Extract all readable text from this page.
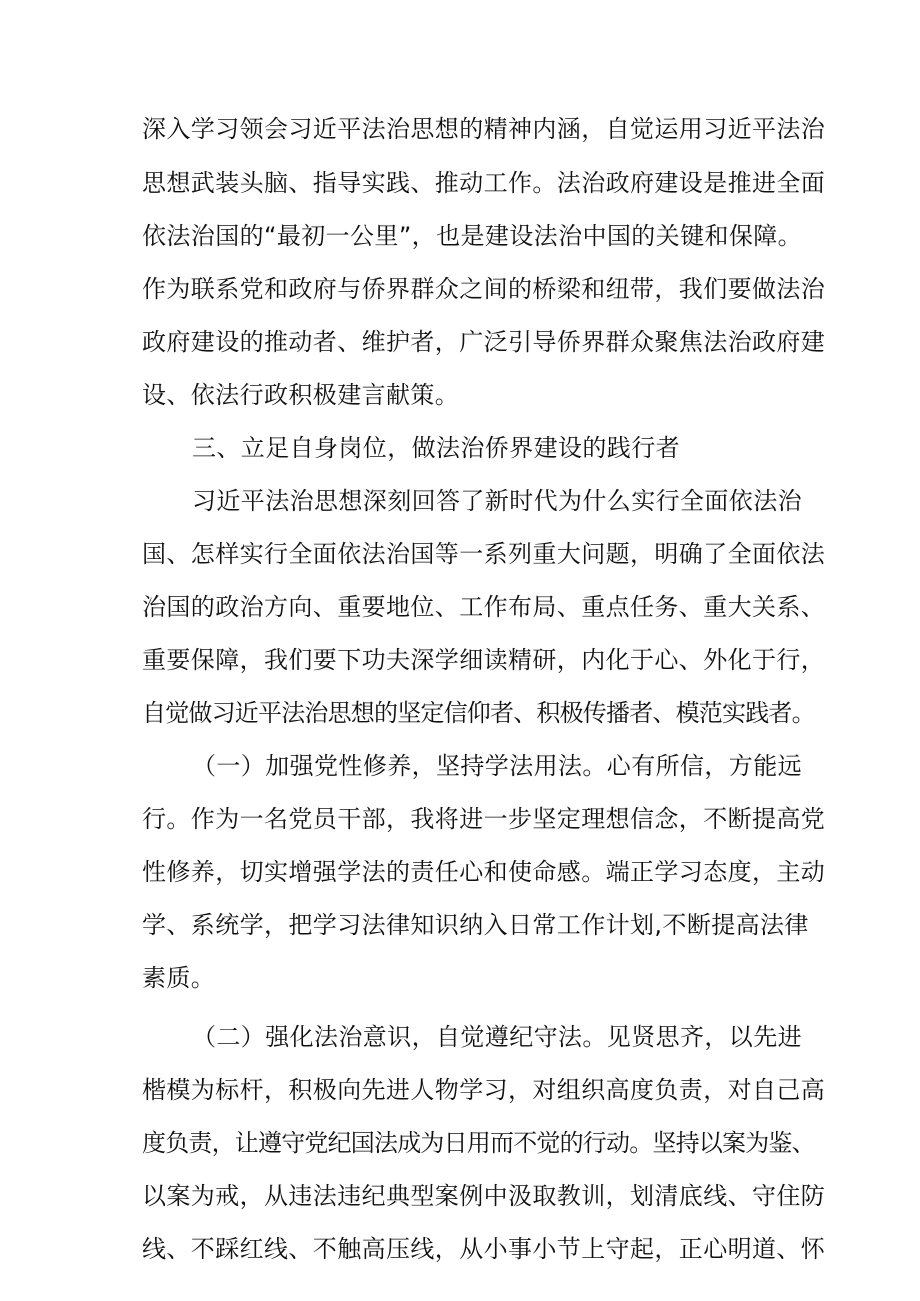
深入学习领会习近平法治思想的精神内涵，自觉运用习近平法治
思想武装头脑、指导实践、推动工作。法治政府建设是推进全面
依法治国的“最初一公里”，也是建设法治中国的关键和保障。
作为联系党和政府与侨界群众之间的桥梁和纽带，我们要做法治
政府建设的推动者、维护者，广泛引导侨界群众聚焦法治政府建
设、依法行政积极建言献策。
三、立足自身岗位，做法治侨界建设的践行者
习近平法治思想深刻回答了新时代为什么实行全面依法治
国、怎样实行全面依法治国等一系列重大问题，明确了全面依法
治国的政治方向、重要地位、工作布局、重点任务、重大关系、
重要保障，我们要下功夫深学细读精研，内化于心、外化于行，
自觉做习近平法治思想的坚定信仰者、积极传播者、模范实践者。
（一）加强党性修养，坚持学法用法。心有所信，方能远
行。作为一名党员干部，我将进一步坚定理想信念，不断提高党
性修养，切实增强学法的责任心和使命感。端正学习态度，主动
学、系统学，把学习法律知识纳入日常工作计划,不断提高法律
素质。
（二）强化法治意识，自觉遵纪守法。见贤思齐，以先进
楷模为标杆，积极向先进人物学习，对组织高度负责，对自己高
度负责，让遵守党纪国法成为日用而不觉的行动。坚持以案为鉴、
以案为戒，从违法违纪典型案例中汲取教训，划清底线、守住防
线、不踩红线、不触高压线，从小事小节上守起，正心明道、怀
